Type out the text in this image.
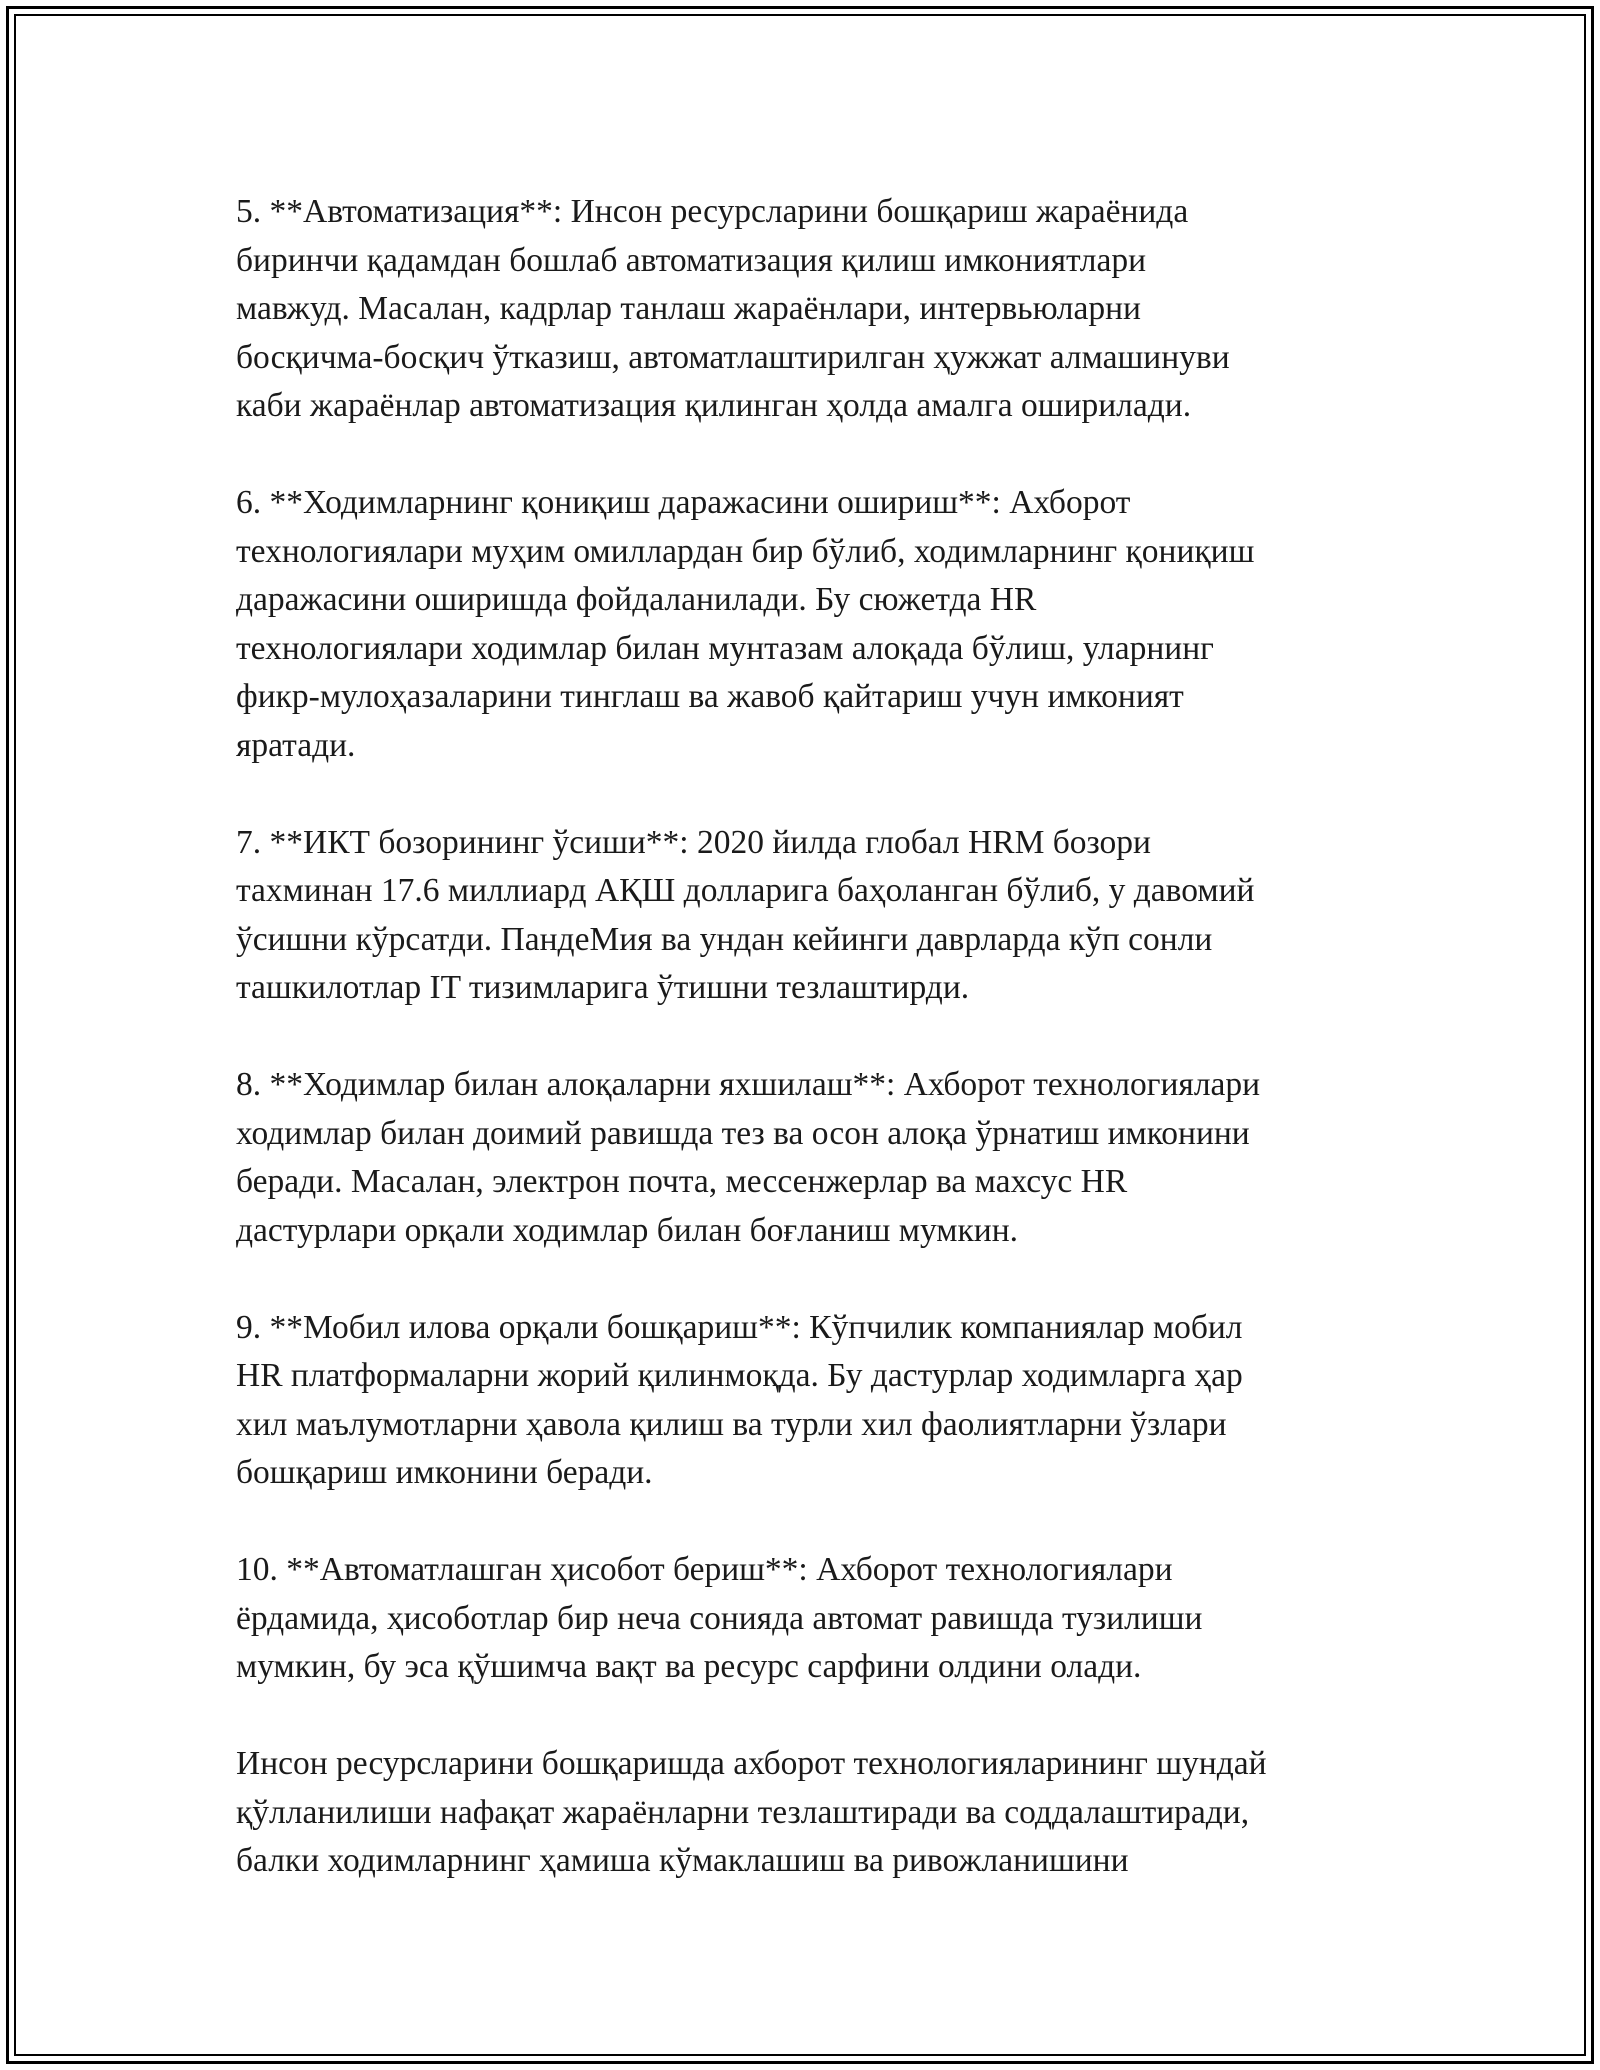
5. **Автоматизация**: Инсон ресурсларини бошқариш жараёнида
биринчи қадамдан бошлаб автоматизация қилиш имкониятлари
мавжуд. Масалан, кадрлар танлаш жараёнлари, интервьюларни
босқичма-босқич ўтказиш, автоматлаштирилган ҳужжат алмашинуви
каби жараёнлар автоматизация қилинган ҳолда амалга оширилади.

6. **Ходимларнинг қониқиш даражасини ошириш**: Ахборот
технологиялари муҳим омиллардан бир бўлиб, ходимларнинг қониқиш
даражасини оширишда фойдаланилади. Бу сюжетда HR
технологиялари ходимлар билан мунтазам алоқада бўлиш, уларнинг
фикр-мулоҳазаларини тинглаш ва жавоб қайтариш учун имконият
яратади.

7. **ИКТ бозорининг ўсиши**: 2020 йилда глобал HRM бозори
тахминан 17.6 миллиард АҚШ долларига баҳоланган бўлиб, у давомий
ўсишни кўрсатди. ПандеМия ва ундан кейинги даврларда кўп сонли
ташкилотлар IT тизимларига ўтишни тезлаштирди.

8. **Ходимлар билан алоқаларни яхшилаш**: Ахборот технологиялари
ходимлар билан доимий равишда тез ва осон алоқа ўрнатиш имконини
беради. Масалан, электрон почта, мессенжерлар ва махсус HR
дастурлари орқали ходимлар билан боғланиш мумкин.

9. **Мобил илова орқали бошқариш**: Кўпчилик компаниялар мобил
HR платформаларни жорий қилинмоқда. Бу дастурлар ходимларга ҳар
хил маълумотларни ҳавола қилиш ва турли хил фаолиятларни ўзлари
бошқариш имконини беради.

10. **Автоматлашган ҳисобот бериш**: Ахборот технологиялари
ёрдамида, ҳисоботлар бир неча сонияда автомат равишда тузилиши
мумкин, бу эса қўшимча вақт ва ресурс сарфини олдини олади.

Инсон ресурсларини бошқаришда ахборот технологияларининг шундай
қўлланилиши нафақат жараёнларни тезлаштиради ва соддалаштиради,
балки ходимларнинг ҳамиша кўмаклашиш ва ривожланишини
